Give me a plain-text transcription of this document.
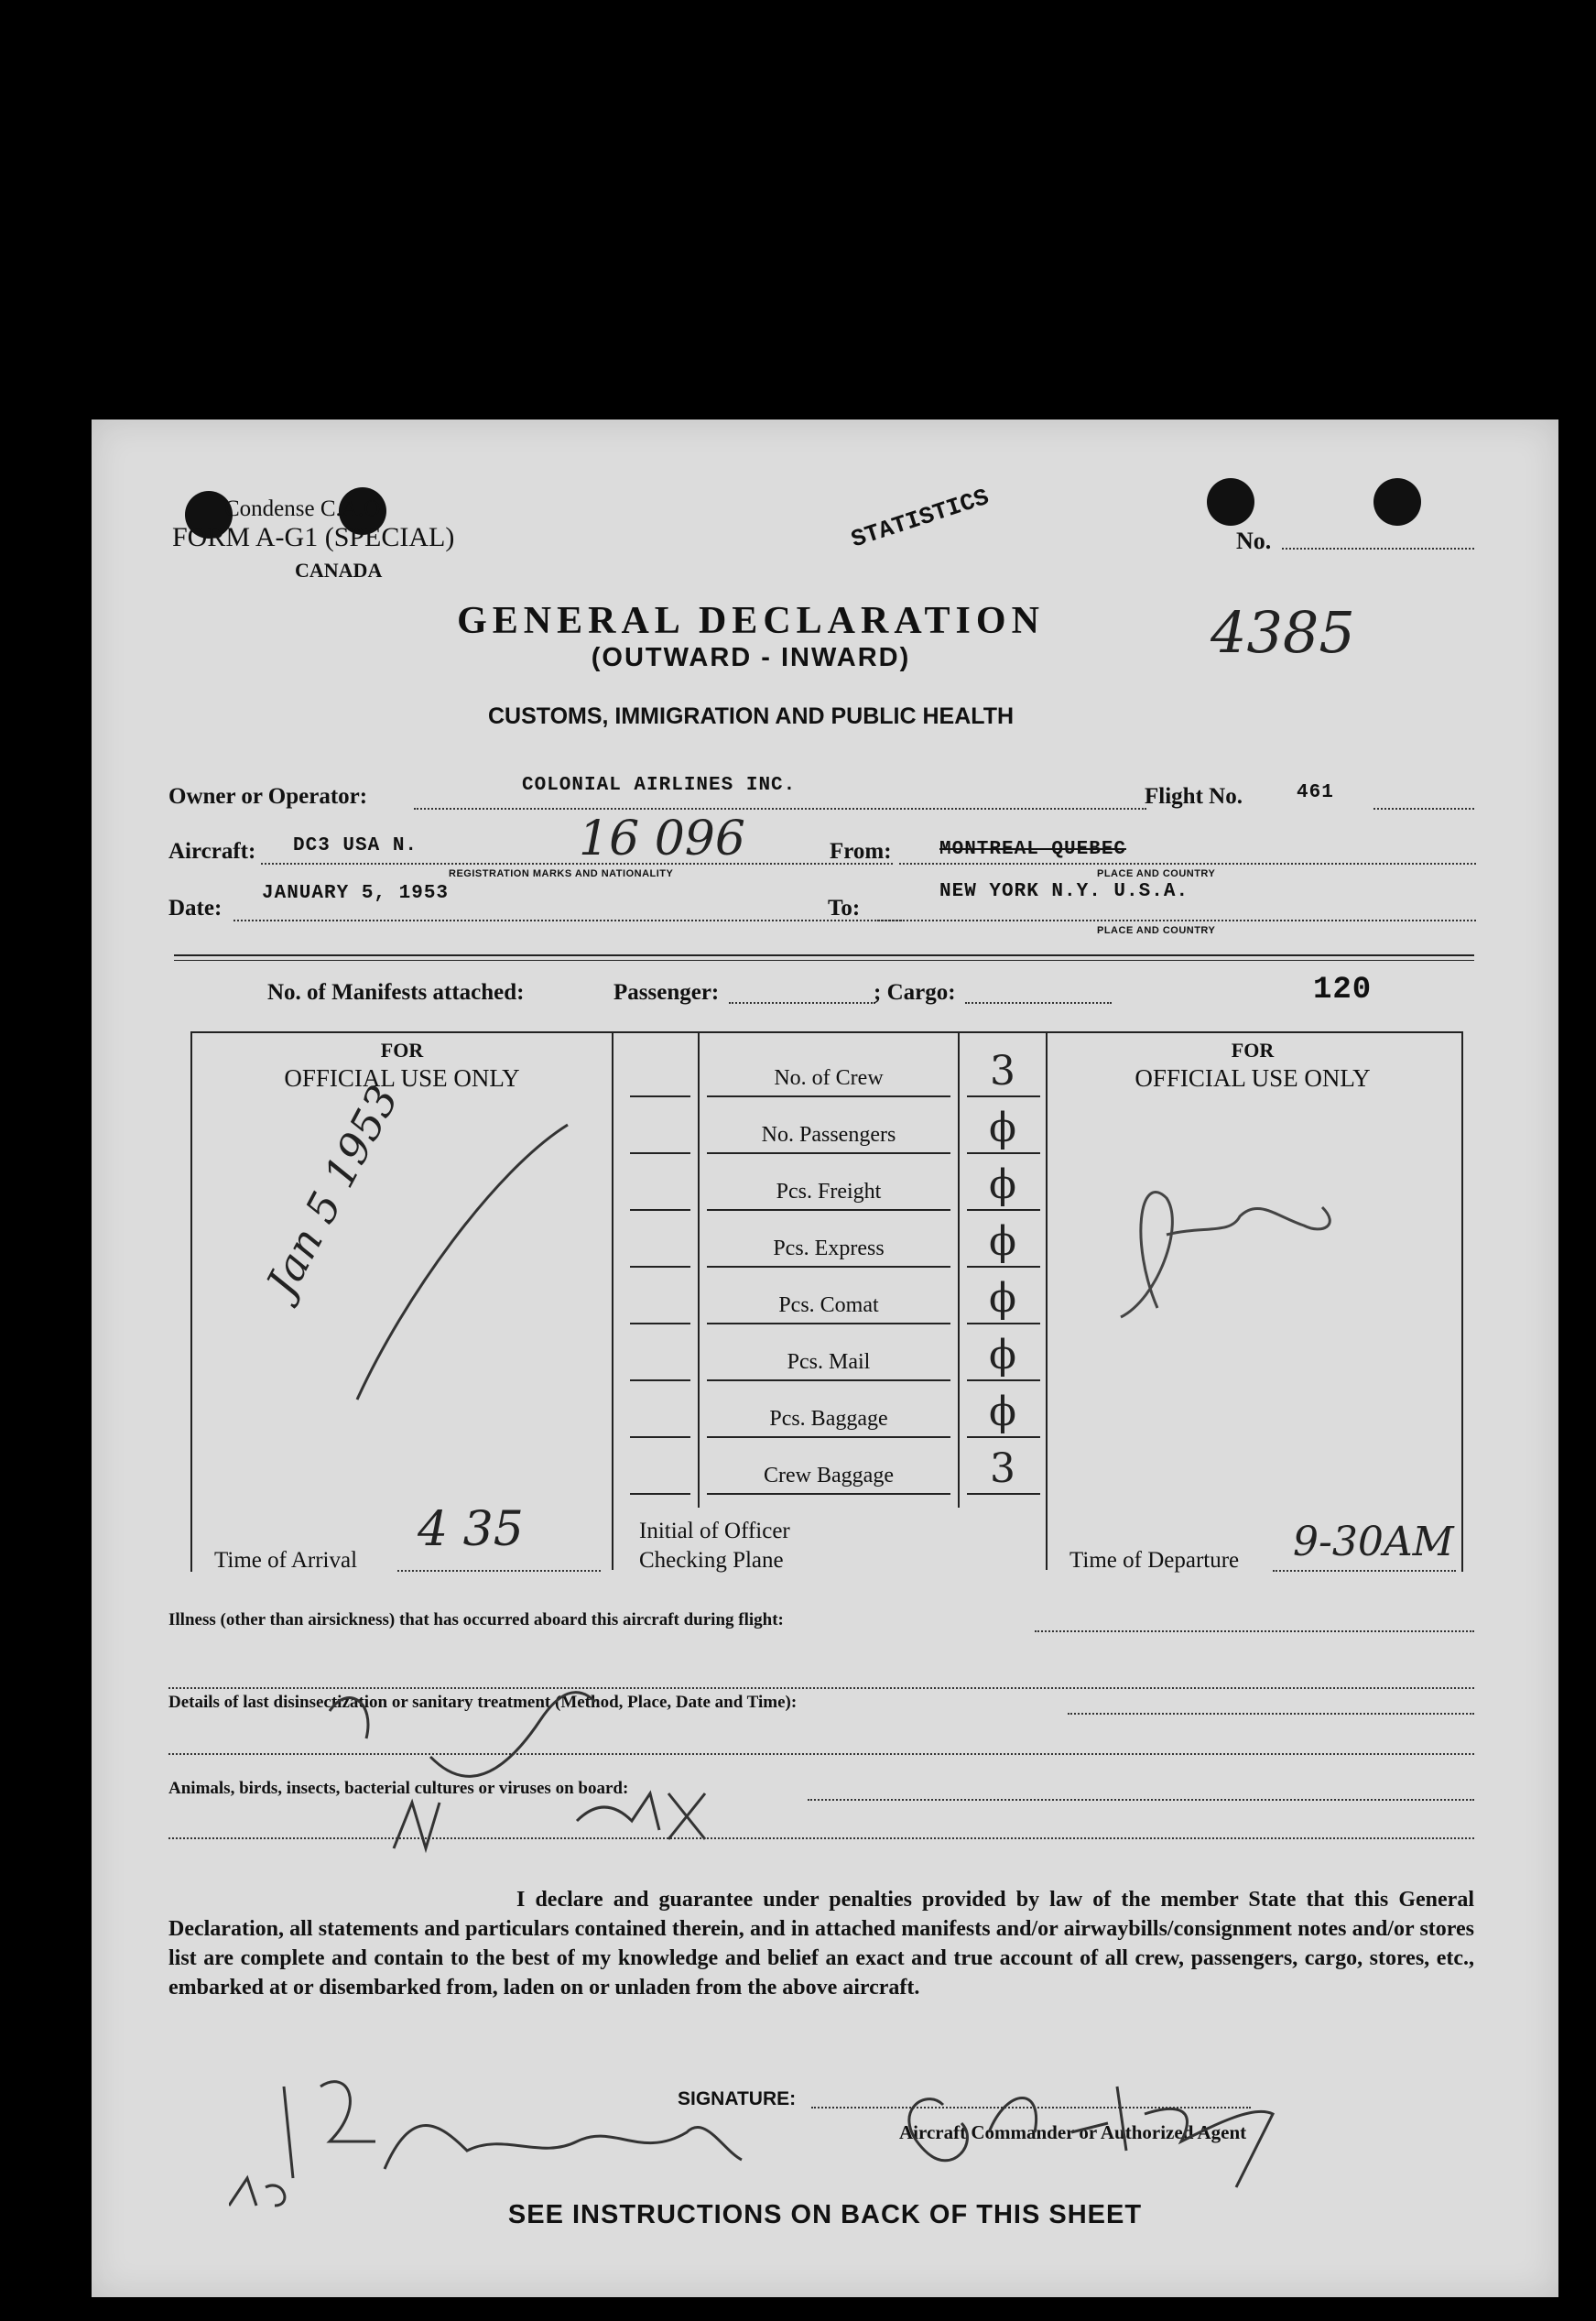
Condense C.A.O.
FORM A-G1 (SPECIAL)
CANADA
No.
STATISTICS
4385
GENERAL DECLARATION
(OUTWARD - INWARD)
CUSTOMS, IMMIGRATION AND PUBLIC HEALTH
Owner or Operator:	COLONIAL AIRLINES INC.	Flight No.	461
Aircraft: DC3 USA N.	16 096
REGISTRATION MARKS AND NATIONALITY
From: MONTREAL QUEBEC
PLACE AND COUNTRY
Date:
JANUARY 5, 1953
To:
NEW YORK N.Y. U.S.A.
PLACE AND COUNTRY
No. of Manifests attached:	Passenger:	; Cargo:	120
FOR
OFFICIAL USE ONLY
FOR
OFFICIAL USE ONLY
No. of Crew	3
No. Passengers	ϕ
Pcs. Freight	ϕ
Pcs. Express	ϕ
Pcs. Comat	ϕ
Pcs. Mail	ϕ
Pcs. Baggage	ϕ
Crew Baggage	3
Jan 5 1953
Time of Arrival
4 35	Initial of Officer
Checking Plane	Time of Departure 9-30AM
Illness (other than airsickness) that has occurred aboard this aircraft during flight:
Details of last disinsectization or sanitary treatment (Method, Place, Date and Time):
Animals, birds, insects, bacterial cultures or viruses on board:
I declare and guarantee under penalties provided by law of the member State that this General Declaration, all statements and particulars contained therein, and in attached manifests and/or airwaybills/consignment notes and/or stores list are complete and contain to the best of my knowledge and belief an exact and true account of all crew, passengers, cargo, stores, etc., embarked at or disembarked from, laden on or unladen from the above aircraft.
SIGNATURE:
Aircraft Commander or Authorized Agent
SEE INSTRUCTIONS ON BACK OF THIS SHEET
